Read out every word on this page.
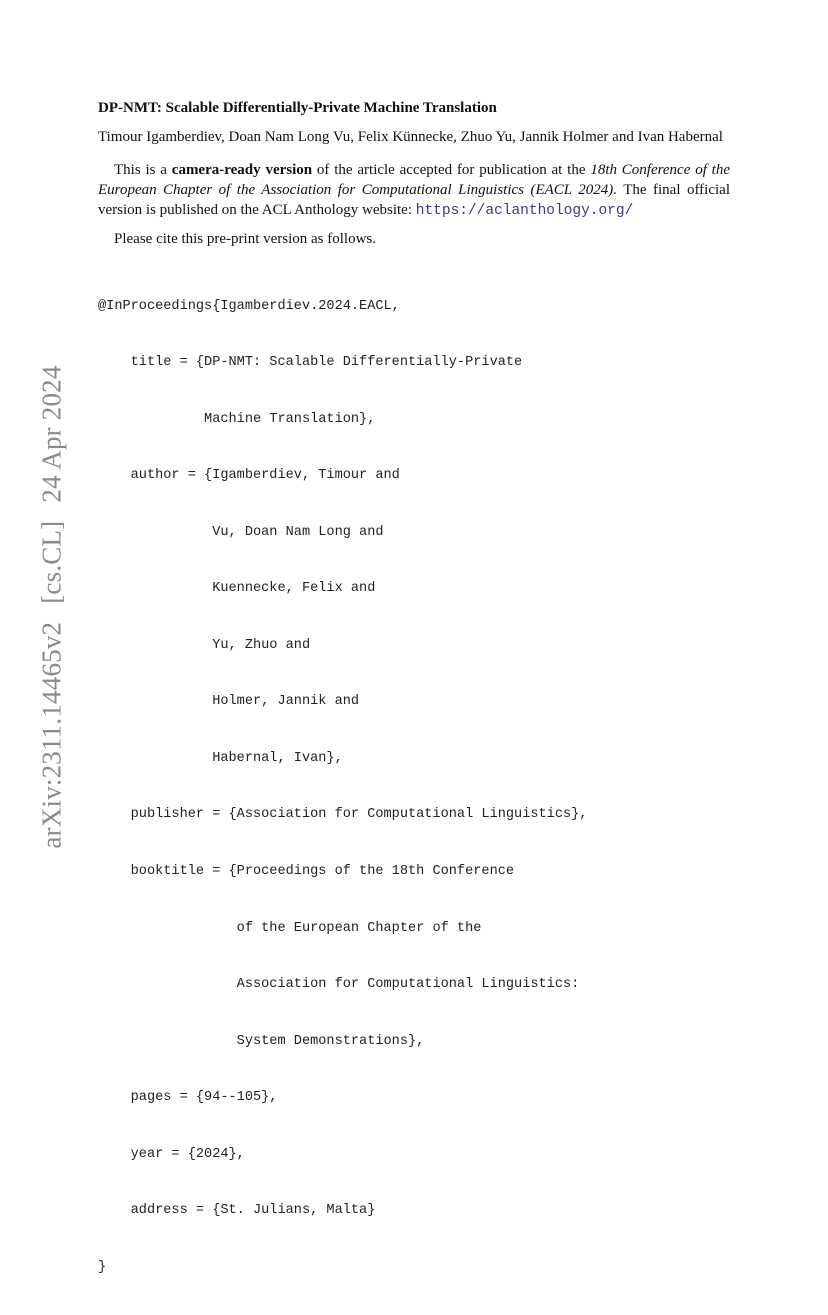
arXiv:2311.14465v2[cs.CL]24 Apr 2024
DP-NMT: Scalable Differentially-Private Machine Translation
Timour Igamberdiev, Doan Nam Long Vu, Felix Künnecke, Zhuo Yu, Jannik Holmer and Ivan Habernal
This is a camera-ready version of the article accepted for publication at the 18th Conference of the European Chapter of the Association for Computational Linguistics (EACL 2024). The final official version is published on the ACL Anthology website: https://aclanthology.org/
Please cite this pre-print version as follows.

@InProceedings{Igamberdiev.2024.EACL,

title = {DP-NMT: Scalable Differentially-Private

Machine Translation},

author = {Igamberdiev, Timour and

Vu, Doan Nam Long and

Kuennecke, Felix and

Yu, Zhuo and

Holmer, Jannik and

Habernal, Ivan},

publisher = {Association for Computational Linguistics},

booktitle = {Proceedings of the 18th Conference

of the European Chapter of the

Association for Computational Linguistics:

System Demonstrations},

pages = {94--105},

year = {2024},

address = {St. Julians, Malta}

}
